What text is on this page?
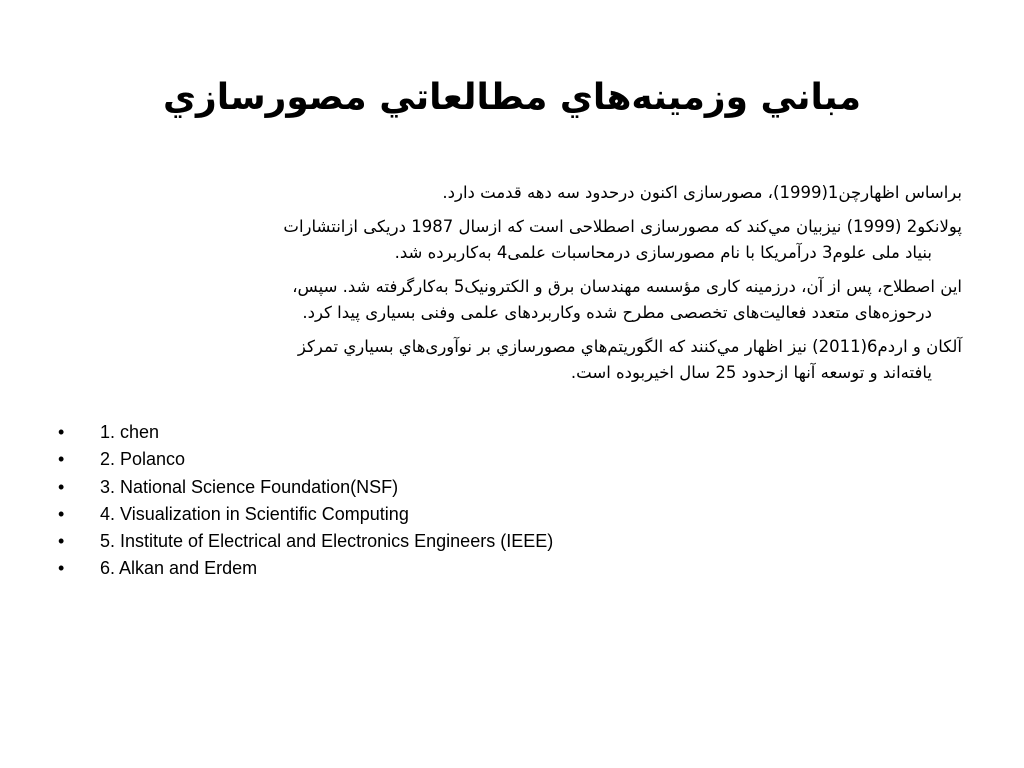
مباني وزمينه‌هاي مطالعاتي مصورسازي

براساس اظهارچن1(1999)، مصورسازی اکنون درحدود سه دهه قدمت دارد.

پولانکو2 (1999) نیزبیان مي‌کند که مصورسازی اصطلاحی است که ازسال 1987 دریکی ازانتشارات
بنیاد ملی علوم3 درآمریکا با نام مصورسازی درمحاسبات علمی4 به‌کاربرده شد.

این اصطلاح، پس از آن، درزمینه کاری مؤسسه مهندسان برق و الکترونیک5 به‌کارگرفته شد. سپس،
درحوزه‌های متعدد فعالیت‌های تخصصی مطرح شده وکاربردهای علمی وفنی بسیاری پیدا کرد.

آلکان و اردم6(2011) نیز اظهار مي‌کنند که الگوریتم‌هاي مصورسازي بر نوآوری‌هاي بسياري تمرکز
يافته‌اند و توسعه آنها ازحدود 25 سال اخیربوده است.

• 1. chen
• 2. Polanco
• 3. National Science Foundation(NSF)
• 4. Visualization in Scientific Computing
• 5. Institute of Electrical and Electronics Engineers (IEEE)
• 6. Alkan and Erdem
